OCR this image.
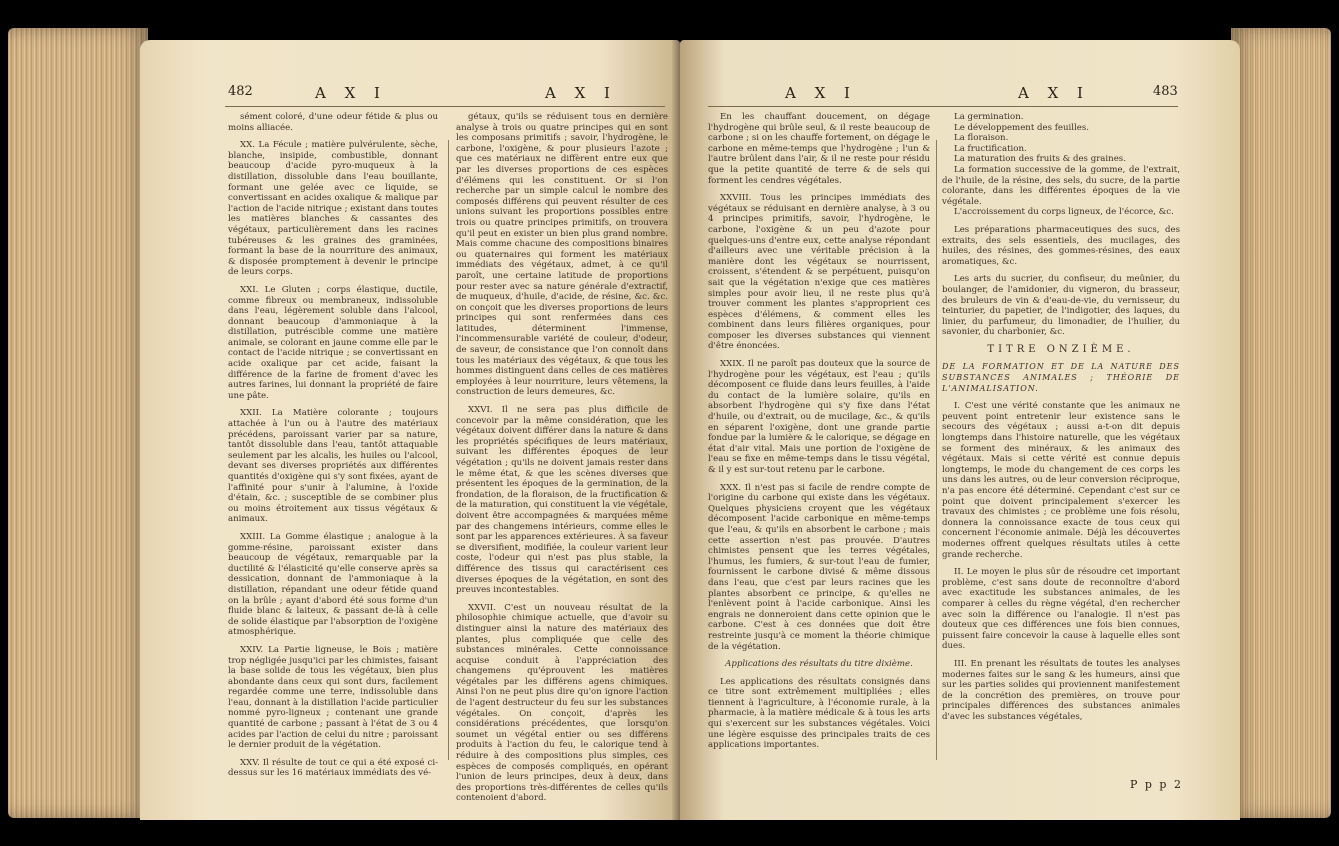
482	A X I	A X I

sément coloré, d'une odeur fétide & plus ou moins alliacée.

XX. La Fécule ; matière pulvérulente, sèche, blanche, insipide, combustible, donnant beaucoup d'acide pyro-muqueux à la distillation, dissoluble dans l'eau bouillante, formant une gelée avec ce liquide, se convertissant en acides oxalique & malique par l'action de l'acide nitrique ; existant dans toutes les matières blanches & cassantes des végétaux, particulièrement dans les racines tubéreuses & les graines des graminées, formant la base de la nourriture des animaux, & disposée promptement à devenir le principe de leurs corps.

XXI. Le Gluten ; corps élastique, ductile, comme fibreux ou membraneux, indissoluble dans l'eau, légèrement soluble dans l'alcool, donnant beaucoup d'ammoniaque à la distillation, putréscible comme une matière animale, se colorant en jaune comme elle par le contact de l'acide nitrique ; se convertissant en acide oxalique par cet acide, faisant la différence de la farine de froment d'avec les autres farines, lui donnant la propriété de faire une pâte.

XXII. La Matière colorante ; toujours attachée à l'un ou à l'autre des matériaux précédens, paroissant varier par sa nature, tantôt dissoluble dans l'eau, tantôt attaquable seulement par les alcalis, les huiles ou l'alcool, devant ses diverses propriétés aux différentes quantités d'oxigène qui s'y sont fixées, ayant de l'affinité pour s'unir à l'alumine, à l'oxide d'étain, &c. ; susceptible de se combiner plus ou moins étroitement aux tissus végétaux & animaux.

XXIII. La Gomme élastique ; analogue à la gomme-résine, paroissant exister dans beaucoup de végétaux, remarquable par la ductilité & l'élasticité qu'elle conserve après sa dessication, donnant de l'ammoniaque à la distillation, répandant une odeur fétide quand on la brûle ; ayant d'abord été sous forme d'un fluide blanc & laiteux, & passant de-là à celle de solide élastique par l'absorption de l'oxigène atmosphérique.

XXIV. La Partie ligneuse, le Bois ; matière trop négligée jusqu'ici par les chimistes, faisant la base solide de tous les végétaux, bien plus abondante dans ceux qui sont durs, facilement regardée comme une terre, indissoluble dans l'eau, donnant à la distillation l'acide particulier nommé pyro-ligneux ; contenant une grande quantité de carbone ; passant à l'état de 3 ou 4 acides par l'action de celui du nitre ; paroissant le dernier produit de la végétation.

XXV. Il résulte de tout ce qui a été exposé ci-dessus sur les 16 matériaux immédiats des vé-

gétaux, qu'ils se réduisent tous en dernière analyse à trois ou quatre principes qui en sont les composans primitifs ; savoir, l'hydrogène, le carbone, l'oxigène, & pour plusieurs l'azote ; que ces matériaux ne diffèrent entre eux que par les diverses proportions de ces espèces d'élémens qui les constituent. Or si l'on recherche par un simple calcul le nombre des composés différens qui peuvent résulter de ces unions suivant les proportions possibles entre trois ou quatre principes primitifs, on trouvera qu'il peut en exister un bien plus grand nombre. Mais comme chacune des compositions binaires ou quaternaires qui forment les matériaux immédiats des végétaux, admet, à ce qu'il paroît, une certaine latitude de proportions pour rester avec sa nature générale d'extractif, de muqueux, d'huile, d'acide, de résine, &c. &c. on conçoit que les diverses proportions de leurs principes qui sont renfermées dans ces latitudes, déterminent l'immense, l'incommensurable variété de couleur, d'odeur, de saveur, de consistance que l'on connoît dans tous les matériaux des végétaux, & que tous les hommes distinguent dans celles de ces matières employées à leur nourriture, leurs vêtemens, la construction de leurs demeures, &c.

XXVI. Il ne sera pas plus difficile de concevoir par la même considération, que les végétaux doivent différer dans la nature & dans les propriétés spécifiques de leurs matériaux, suivant les différentes époques de leur végétation ; qu'ils ne doivent jamais rester dans le même état, & que les scènes diverses que présentent les époques de la germination, de la frondation, de la floraison, de la fructification & de la maturation, qui constituent la vie végétale, doivent être accompagnées & marquées même par des changemens intérieurs, comme elles le sont par les apparences extérieures. À sa faveur se diversifient, modifiée, la couleur varient leur coste, l'odeur qui n'est pas plus stable, la différence des tissus qui caractérisent ces diverses époques de la végétation, en sont des preuves incontestables.

XXVII. C'est un nouveau résultat de la philosophie chimique actuelle, que d'avoir su distinguer ainsi la nature des matériaux des plantes, plus compliquée que celle des substances minérales. Cette connoissance acquise conduit à l'appréciation des changemens qu'éprouvent les matières végétales par les différens agens chimiques. Ainsi l'on ne peut plus dire qu'on ignore l'action de l'agent destructeur du feu sur les substances végétales. On conçoit, d'après les considérations précédentes, que lorsqu'on soumet un végétal entier ou ses différens produits à l'action du feu, le calorique tend à réduire à des compositions plus simples, ces espèces de composés compliqués, en opérant l'union de leurs principes, deux à deux, dans des proportions très-différentes de celles qu'ils contenoient d'abord.

A X I	A X I	483

En les chauffant doucement, on dégage l'hydrogène qui brûle seul, & il reste beaucoup de carbone ; si on les chauffe fortement, on dégage le carbone en même-temps que l'hydrogène ; l'un & l'autre brûlent dans l'air, & il ne reste pour résidu que la petite quantité de terre & de sels qui forment les cendres végétales.

XXVIII. Tous les principes immédiats des végétaux se réduisant en dernière analyse, à 3 ou 4 principes primitifs, savoir, l'hydrogène, le carbone, l'oxigène & un peu d'azote pour quelques-uns d'entre eux, cette analyse répondant d'ailleurs avec une véritable précision à la manière dont les végétaux se nourrissent, croissent, s'étendent & se perpétuent, puisqu'on sait que la végétation n'exige que ces matières simples pour avoir lieu, il ne reste plus qu'à trouver comment les plantes s'approprient ces espèces d'élémens, & comment elles les combinent dans leurs filières organiques, pour composer les diverses substances qui viennent d'être énoncées.

XXIX. Il ne paroît pas douteux que la source de l'hydrogène pour les végétaux, est l'eau ; qu'ils décomposent ce fluide dans leurs feuilles, à l'aide du contact de la lumière solaire, qu'ils en absorbent l'hydrogène qui s'y fixe dans l'état d'huile, ou d'extrait, ou de mucilage, &c., & qu'ils en séparent l'oxigène, dont une grande partie fondue par la lumière & le calorique, se dégage en état d'air vital. Mais une portion de l'oxigène de l'eau se fixe en même-temps dans le tissu végétal, & il y est sur-tout retenu par le carbone.

XXX. Il n'est pas si facile de rendre compte de l'origine du carbone qui existe dans les végétaux. Quelques physiciens croyent que les végétaux décomposent l'acide carbonique en même-temps que l'eau, & qu'ils en absorbent le carbone ; mais cette assertion n'est pas prouvée. D'autres chimistes pensent que les terres végétales, l'humus, les fumiers, & sur-tout l'eau de fumier, fournissent le carbone divisé & même dissous dans l'eau, que c'est par leurs racines que les plantes absorbent ce principe, & qu'elles ne l'enlèvent point à l'acide carbonique. Ainsi les engrais ne donneroient dans cette opinion que le carbone. C'est à ces données que doit être restreinte jusqu'à ce moment la théorie chimique de la végétation.

Applications des résultats du titre dixième.

Les applications des résultats consignés dans ce titre sont extrêmement multipliées ; elles tiennent à l'agriculture, à l'économie rurale, à la pharmacie, à la matière médicale & à tous les arts qui s'exercent sur les substances végétales. Voici une légère esquisse des principales traits de ces applications importantes.

La germination.

Le développement des feuilles.

La floraison.

La fructification.

La maturation des fruits & des graines.

La formation successive de la gomme, de l'extrait, de l'huile, de la résine, des sels, du sucre, de la partie colorante, dans les différentes époques de la vie végétale.

L'accroissement du corps ligneux, de l'écorce, &c.

Les préparations pharmaceutiques des sucs, des extraits, des sels essentiels, des mucilages, des huiles, des résines, des gommes-résines, des eaux aromatiques, &c.

Les arts du sucrier, du confiseur, du meûnier, du boulanger, de l'amidonier, du vigneron, du brasseur, des bruleurs de vin & d'eau-de-vie, du vernisseur, du teinturier, du papetier, de l'indigotier, des laques, du linier, du parfumeur, du limonadier, de l'huilier, du savonier, du charbonier, &c.

TITRE ONZIÈME.

DE LA FORMATION ET DE LA NATURE DES SUBSTANCES ANIMALES ; THÉORIE DE L'ANIMALISATION.

I. C'est une vérité constante que les animaux ne peuvent point entretenir leur existence sans le secours des végétaux ; aussi a-t-on dit depuis longtemps dans l'histoire naturelle, que les végétaux se forment des minéraux, & les animaux des végétaux. Mais si cette vérité est connue depuis longtemps, le mode du changement de ces corps les uns dans les autres, ou de leur conversion réciproque, n'a pas encore été déterminé. Cependant c'est sur ce point que doivent principalement s'exercer les travaux des chimistes ; ce problème une fois résolu, donnera la connoissance exacte de tous ceux qui concernent l'économie animale. Déjà les découvertes modernes offrent quelques résultats utiles à cette grande recherche.

II. Le moyen le plus sûr de résoudre cet important problème, c'est sans doute de reconnoître d'abord avec exactitude les substances animales, de les comparer à celles du règne végétal, d'en rechercher avec soin la différence ou l'analogie. Il n'est pas douteux que ces différences une fois bien connues, puissent faire concevoir la cause à laquelle elles sont dues.

III. En prenant les résultats de toutes les analyses modernes faites sur le sang & les humeurs, ainsi que sur les parties solides qui proviennent manifestement de la concrétion des premières, on trouve pour principales différences des substances animales d'avec les substances végétales,

P p p 2
